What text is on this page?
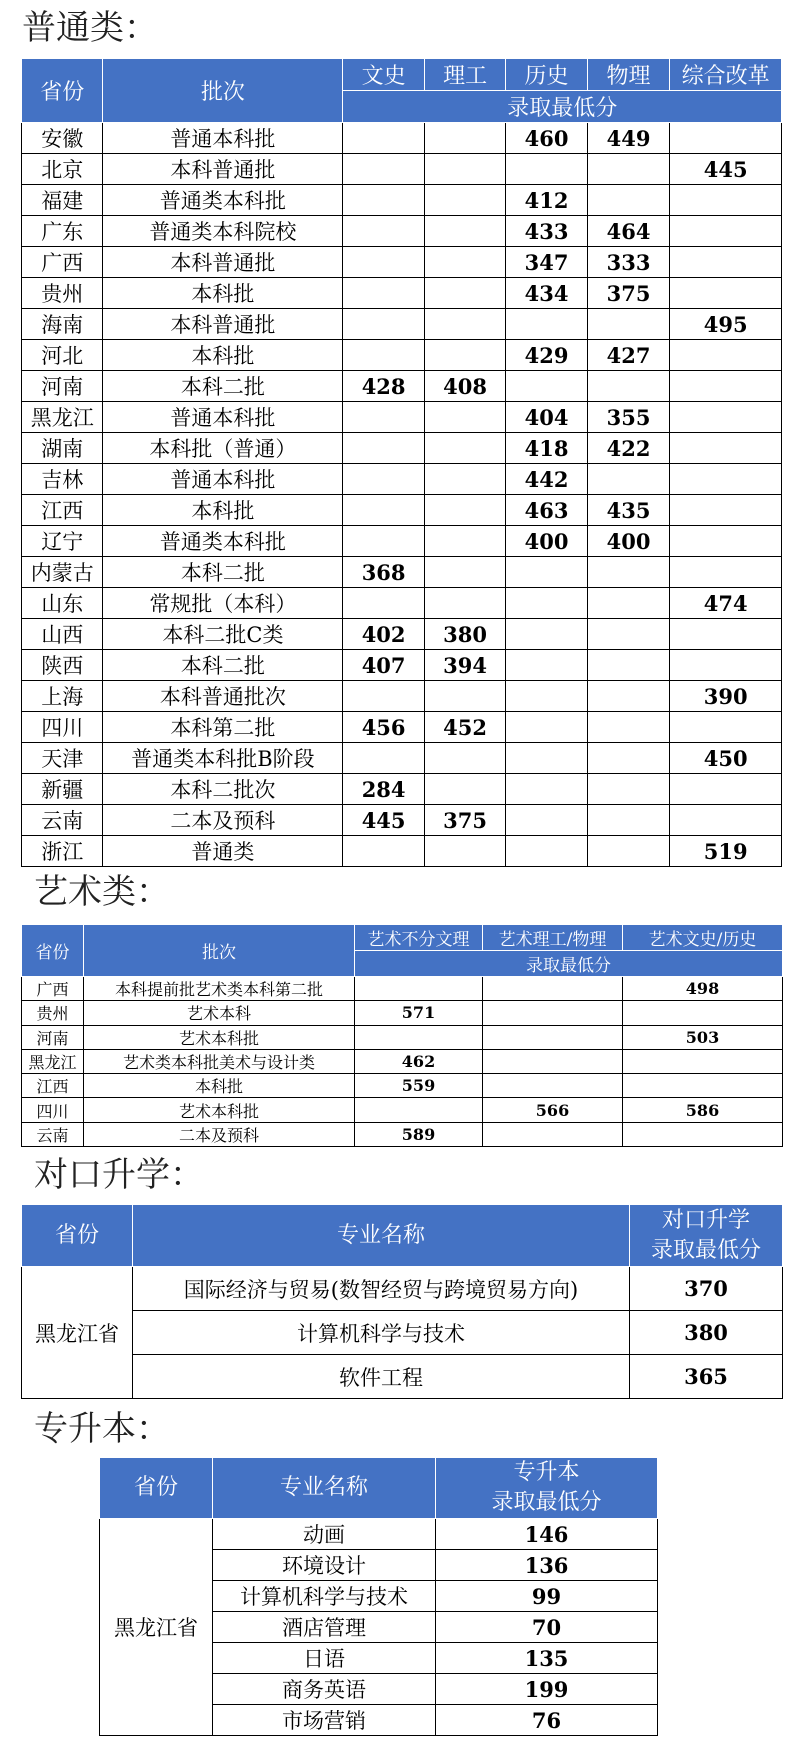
普通类：
省份	批次	文史	理工	历史	物理	综合改革
		录取最低分				
安徽	普通本科批			460	449	
北京	本科普通批					445
福建	普通类本科批			412		
广东	普通类本科院校			433	464	
广西	本科普通批			347	333	
贵州	本科批			434	375	
海南	本科普通批					495
河北	本科批			429	427	
河南	本科二批	428	408			
黑龙江	普通本科批			404	355	
湖南	本科批（普通）			418	422	
吉林	普通本科批			442		
江西	本科批			463	435	
辽宁	普通类本科批			400	400	
内蒙古	本科二批	368				
山东	常规批（本科）					474
山西	本科二批C类	402	380			
陕西	本科二批	407	394			
上海	本科普通批次					390
四川	本科第二批	456	452			
天津	普通类本科批B阶段					450
新疆	本科二批次	284				
云南	二本及预科	445	375			
浙江	普通类					519
艺术类：
省份	批次	艺术不分文理	艺术理工/物理	艺术文史/历史
		录取最低分		
广西	本科提前批艺术类本科第二批			498
贵州	艺术本科	571		
河南	艺术本科批			503
黑龙江	艺术类本科批美术与设计类	462		
江西	本科批	559		
四川	艺术本科批		566	586
云南	二本及预科	589		
对口升学：
省份	专业名称	对口升学
录取最低分
黑龙江省	国际经济与贸易(数智经贸与跨境贸易方向)	370
	计算机科学与技术	380
	软件工程	365
专升本：
省份	专业名称	专升本
录取最低分
黑龙江省	动画	146
	环境设计	136
	计算机科学与技术	99
	酒店管理	70
	日语	135
	商务英语	199
	市场营销	76
